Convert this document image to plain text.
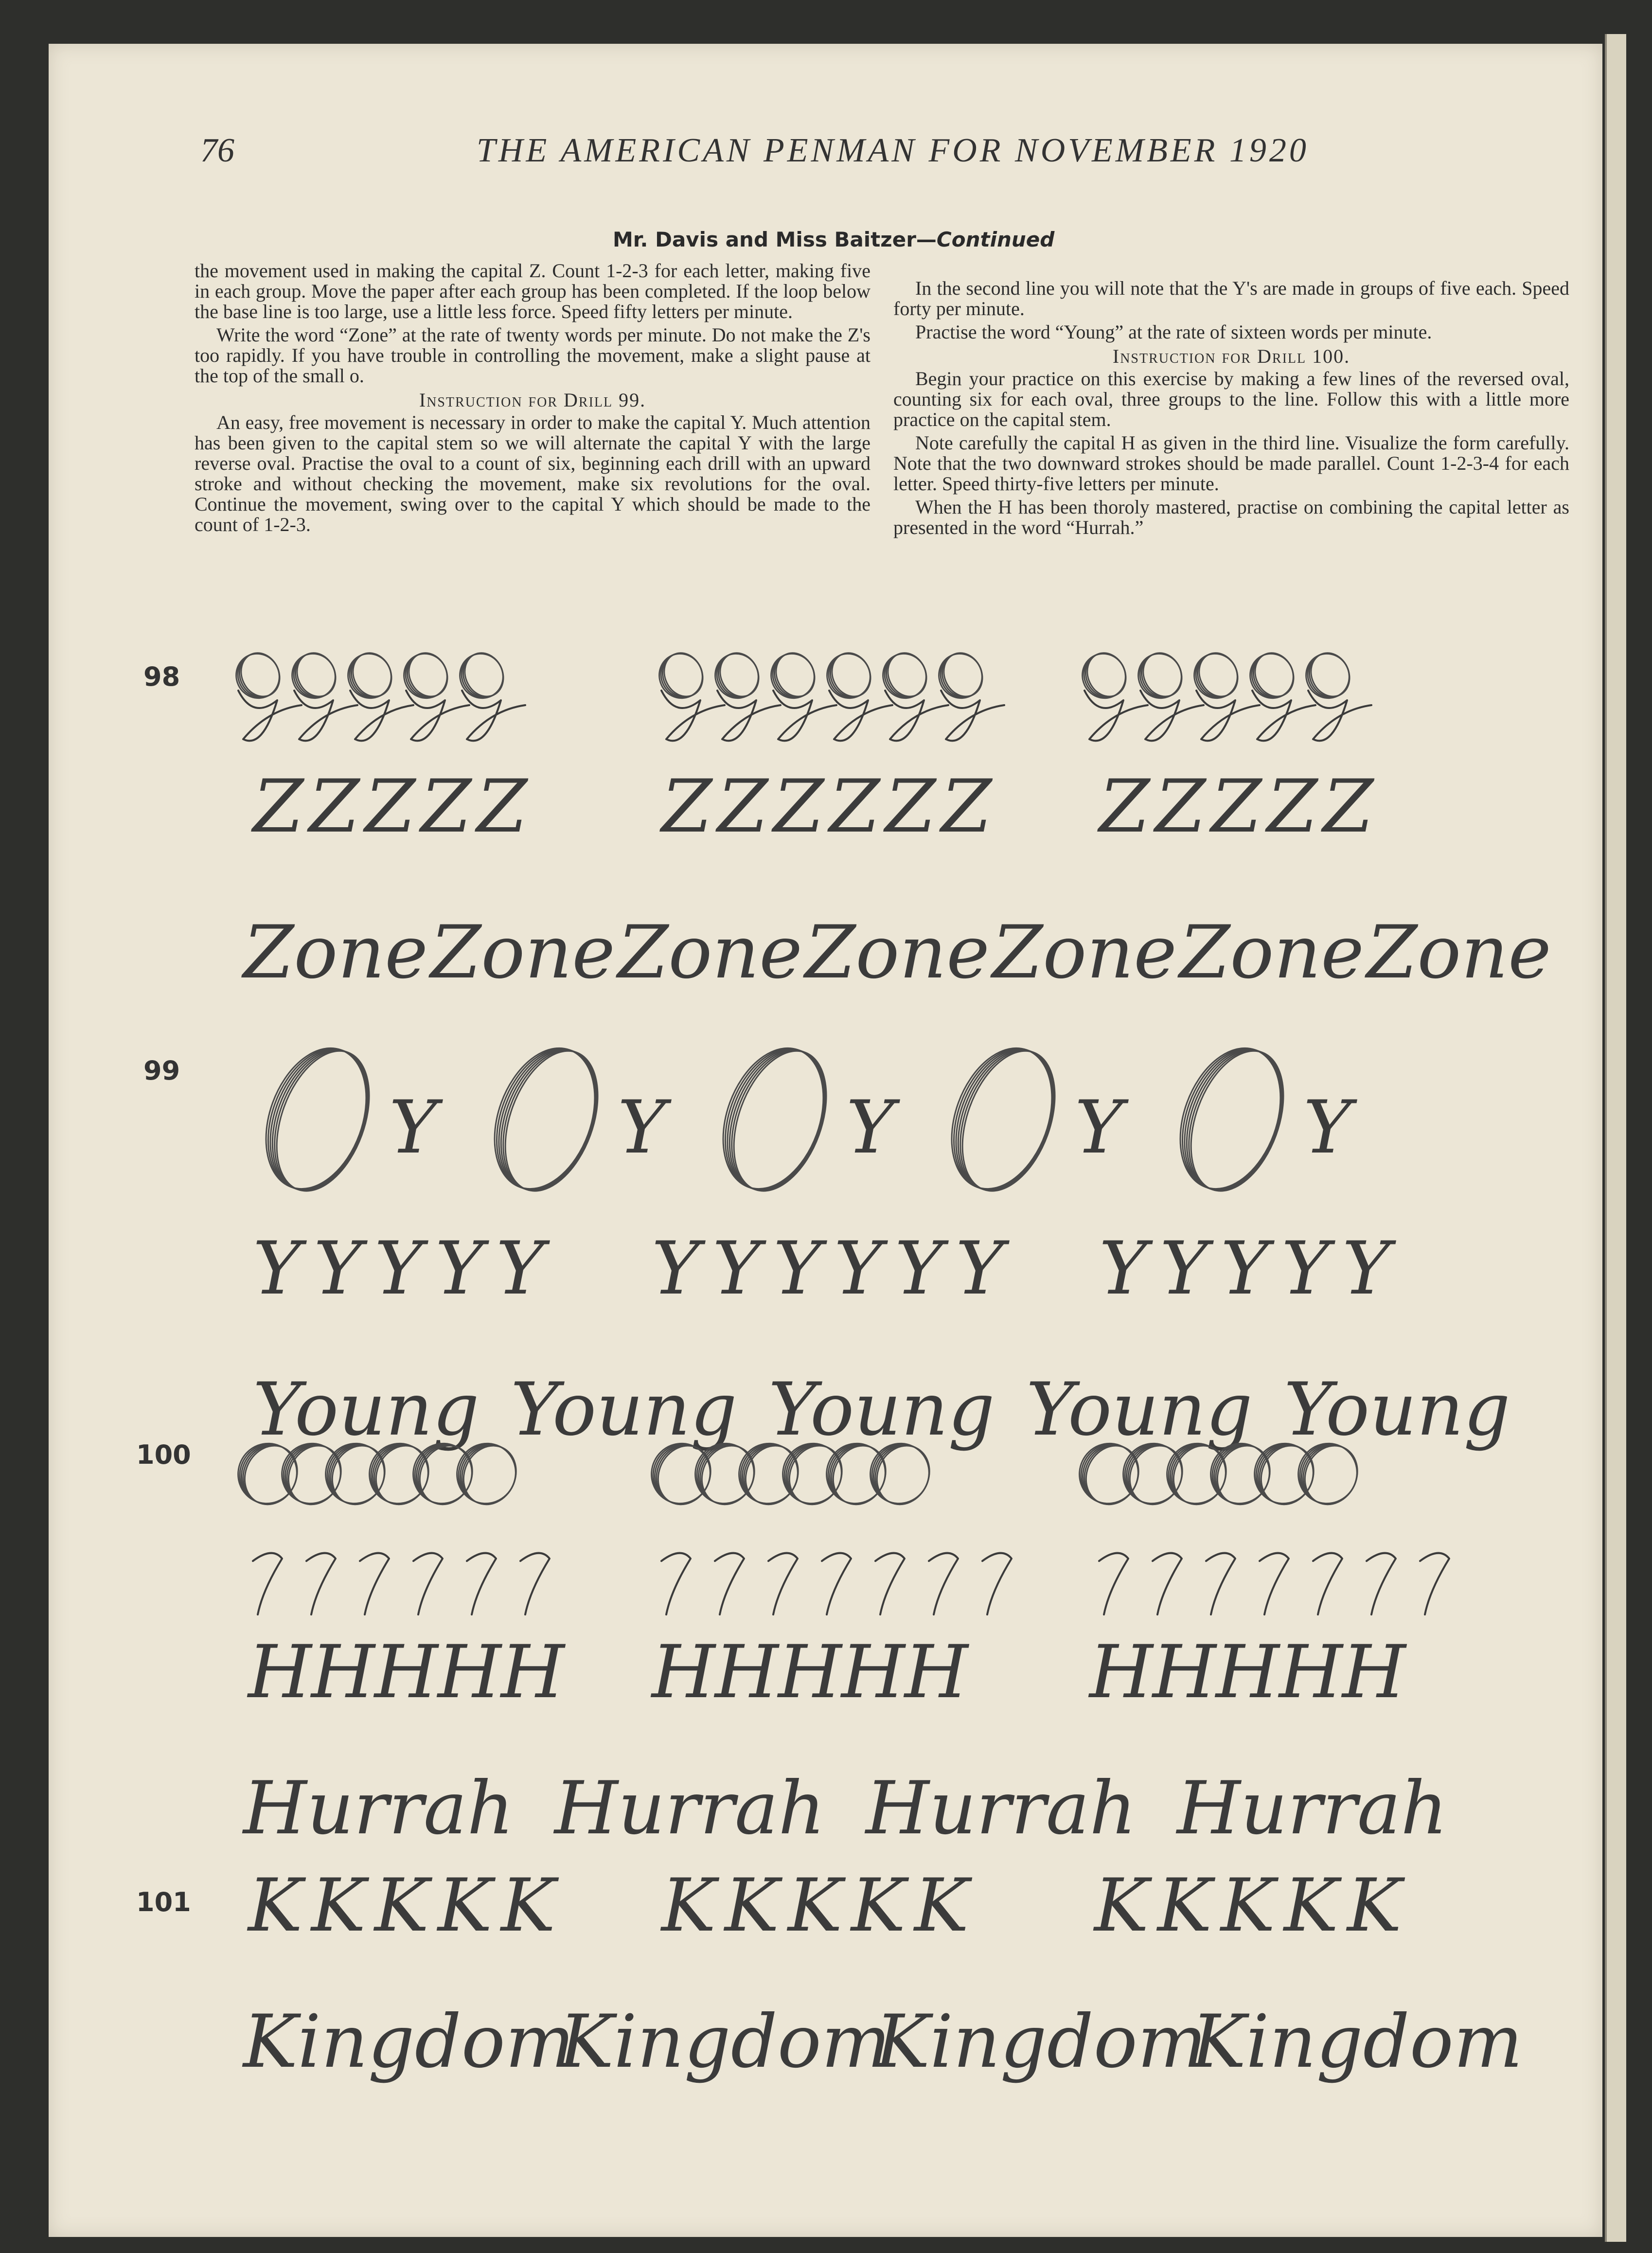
76	THE AMERICAN PENMAN FOR NOVEMBER 1920
Mr. Davis and Miss Baitzer—Continued

the movement used in making the capital Z. Count 1-2-3 for each letter, making five in each group. Move the paper after each group has been completed. If the loop below the base line is too large, use a little less force. Speed fifty letters per minute.

Write the word “Zone” at the rate of twenty words per minute. Do not make the Z's too rapidly. If you have trouble in controlling the movement, make a slight pause at the top of the small o.

Instruction for Drill 99.

An easy, free movement is necessary in order to make the capital Y. Much attention has been given to the capital stem so we will alternate the capital Y with the large reverse oval. Practise the oval to a count of six, beginning each drill with an upward stroke and without checking the movement, make six revolutions for the oval. Continue the movement, swing over to the capital Y which should be made to the count of 1-2-3.

In the second line you will note that the Y's are made in groups of five each. Speed forty per minute.

Practise the word “Young” at the rate of sixteen words per minute.

Instruction for Drill 100.

Begin your practice on this exercise by making a few lines of the reversed oval, counting six for each oval, three groups to the line. Follow this with a little more practice on the capital stem.

Note carefully the capital H as given in the third line. Visualize the form carefully. Note that the two downward strokes should be made parallel. Count 1-2-3-4 for each letter. Speed thirty-five letters per minute.

When the H has been thoroly mastered, practise on combining the capital letter as presented in the word “Hurrah.”

98
99
100
101
Z Z Z Z Z Z Z Z Z Z Z Z Z Z Z Z
Zone Zone Zone Zone Zone Zone Zone
Y Y Y Y Y
Y Y Y Y Y Y Y Y Y Y Y Y Y Y Y Y
Young Young Young Young Young
H H H H H H H H H H H H H H H
Hurrah Hurrah Hurrah Hurrah
K K K K K K K K K K K K K K K
Kingdom
Kingdom
Kingdom
Kingdom
